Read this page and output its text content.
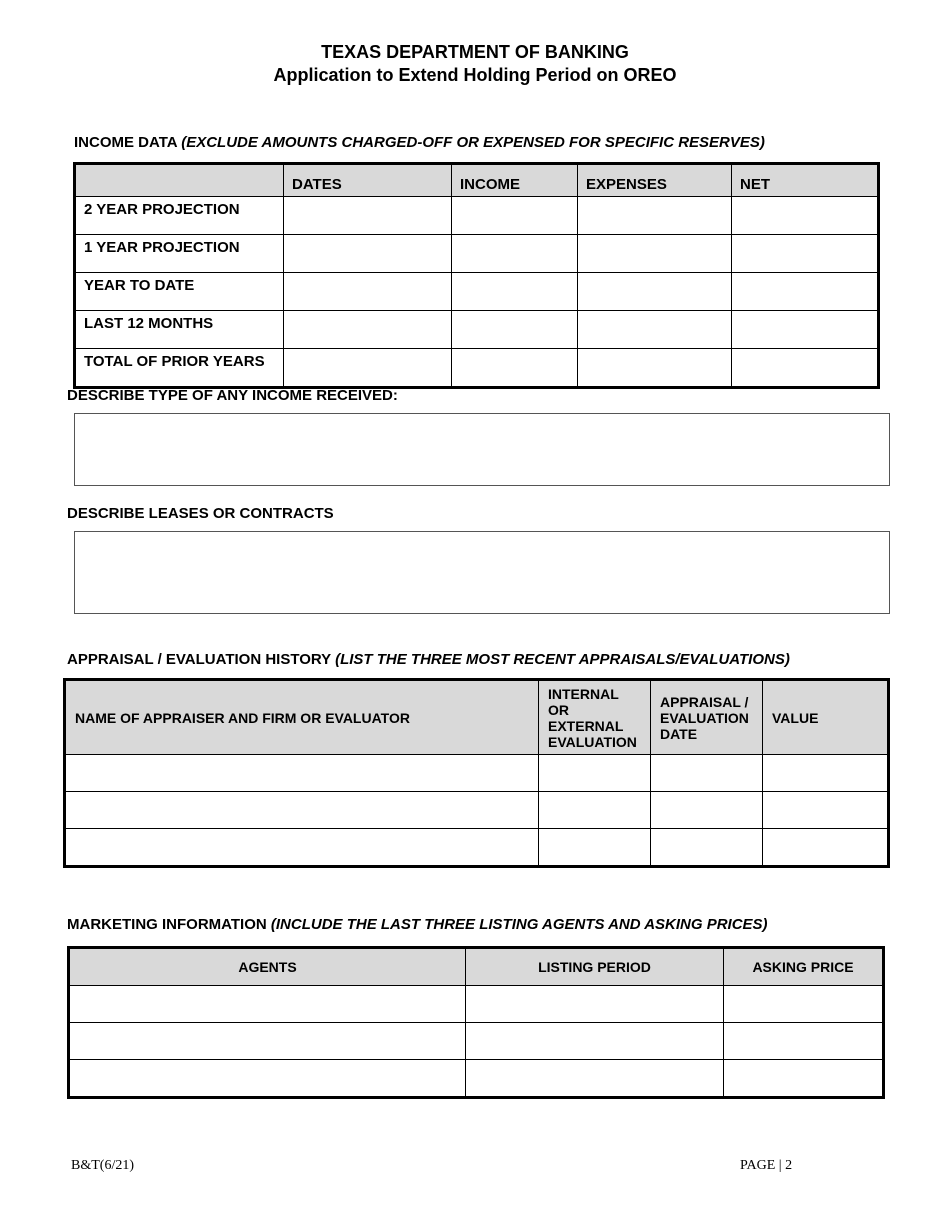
TEXAS DEPARTMENT OF BANKING
Application to Extend Holding Period on OREO
INCOME DATA (EXCLUDE AMOUNTS CHARGED-OFF OR EXPENSED FOR SPECIFIC RESERVES)
	DATES	INCOME	EXPENSES	NET
2 YEAR PROJECTION				
1 YEAR PROJECTION				
YEAR TO DATE				
LAST 12 MONTHS				
TOTAL OF PRIOR YEARS				
DESCRIBE TYPE OF ANY INCOME RECEIVED:
DESCRIBE LEASES OR CONTRACTS
APPRAISAL / EVALUATION HISTORY (LIST THE THREE MOST RECENT APPRAISALS/EVALUATIONS)
NAME OF APPRAISER AND FIRM OR EVALUATOR	INTERNAL OR EXTERNAL EVALUATION	APPRAISAL / EVALUATION DATE	VALUE

MARKETING INFORMATION (INCLUDE THE LAST THREE LISTING AGENTS AND ASKING PRICES)
AGENTS	LISTING PERIOD	ASKING PRICE

B&T(6/21)	PAGE | 2
